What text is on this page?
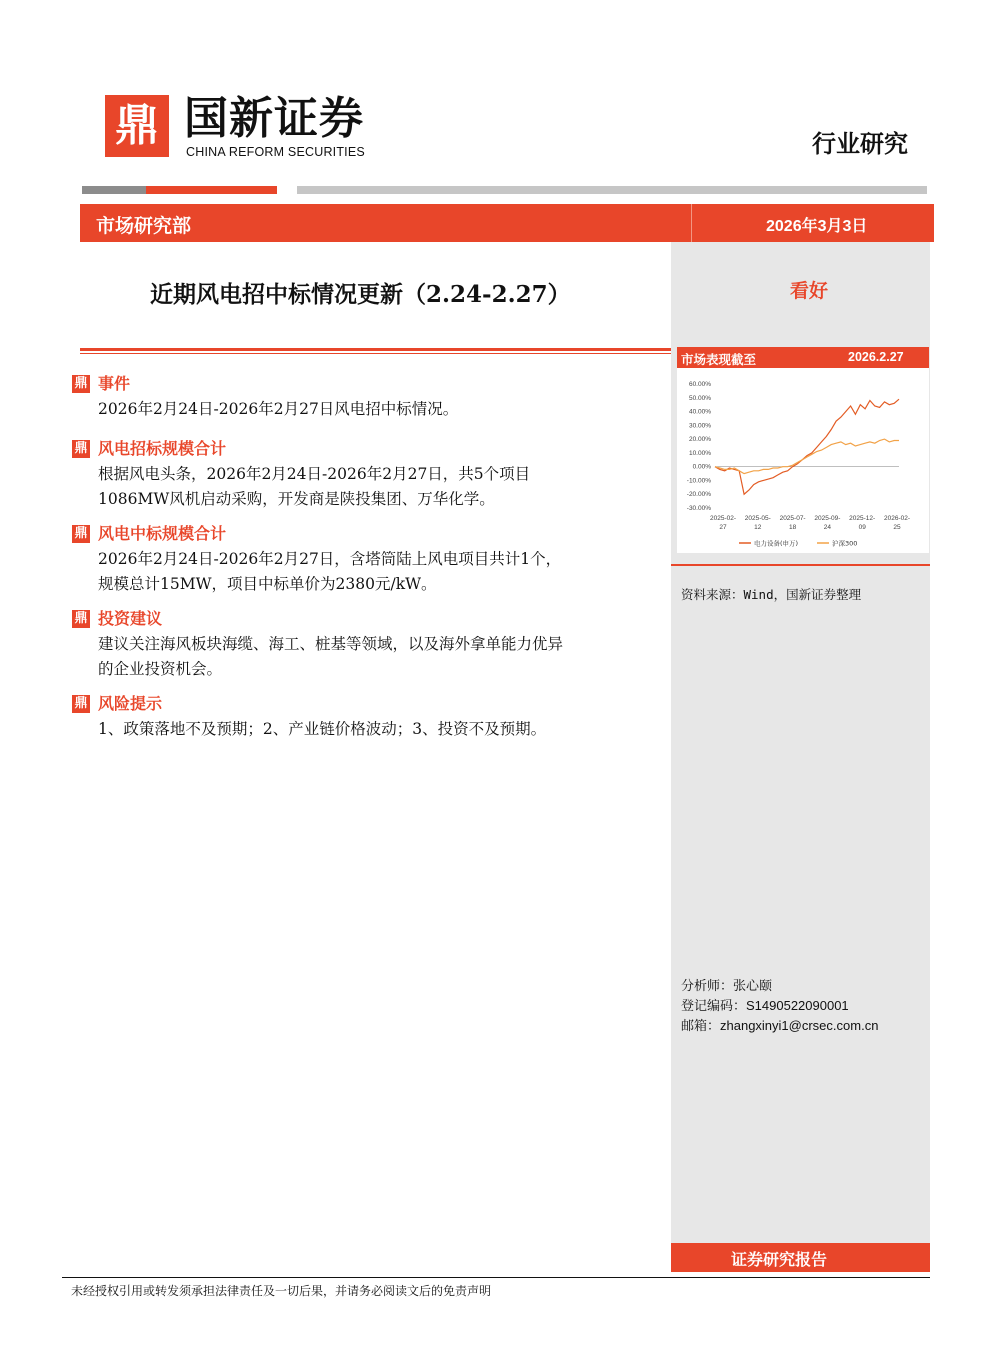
鼎 国新证券
CHINA REFORM SECURITIES	行业研究
市场研究部	2026年3月3日
近期风电招中标情况更新（2.24-2.27）	看好
市场表现截至	2026.2.27
60.00%
50.00%
40.00%
30.00%
20.00%
10.00%
0.00%
-10.00%
-20.00%
-30.00%
2025-02-
27
2025-05-
12
2025-07-
18
2025-09-
24
2025-12-
09
2026-02-
25
电力设备(申万)	沪深300
资料来源：Wind，国新证券整理
鼎 事件
2026年2月24日-2026年2月27日风电招中标情况。
鼎 风电招标规模合计
根据风电头条，2026年2月24日-2026年2月27日，共5个项目
1086MW风机启动采购，开发商是陕投集团、万华化学。
鼎 风电中标规模合计
2026年2月24日-2026年2月27日，含塔筒陆上风电项目共计1个，
规模总计15MW，项目中标单价为2380元/kW。
鼎 投资建议
建议关注海风板块海缆、海工、桩基等领域，以及海外拿单能力优异
的企业投资机会。
鼎 风险提示
1、政策落地不及预期；2、产业链价格波动；3、投资不及预期。
分析师：张心颐
登记编码：S1490522090001
邮箱：zhangxinyi1@crsec.com.cn
证券研究报告
未经授权引用或转发须承担法律责任及一切后果，并请务必阅读文后的免责声明
